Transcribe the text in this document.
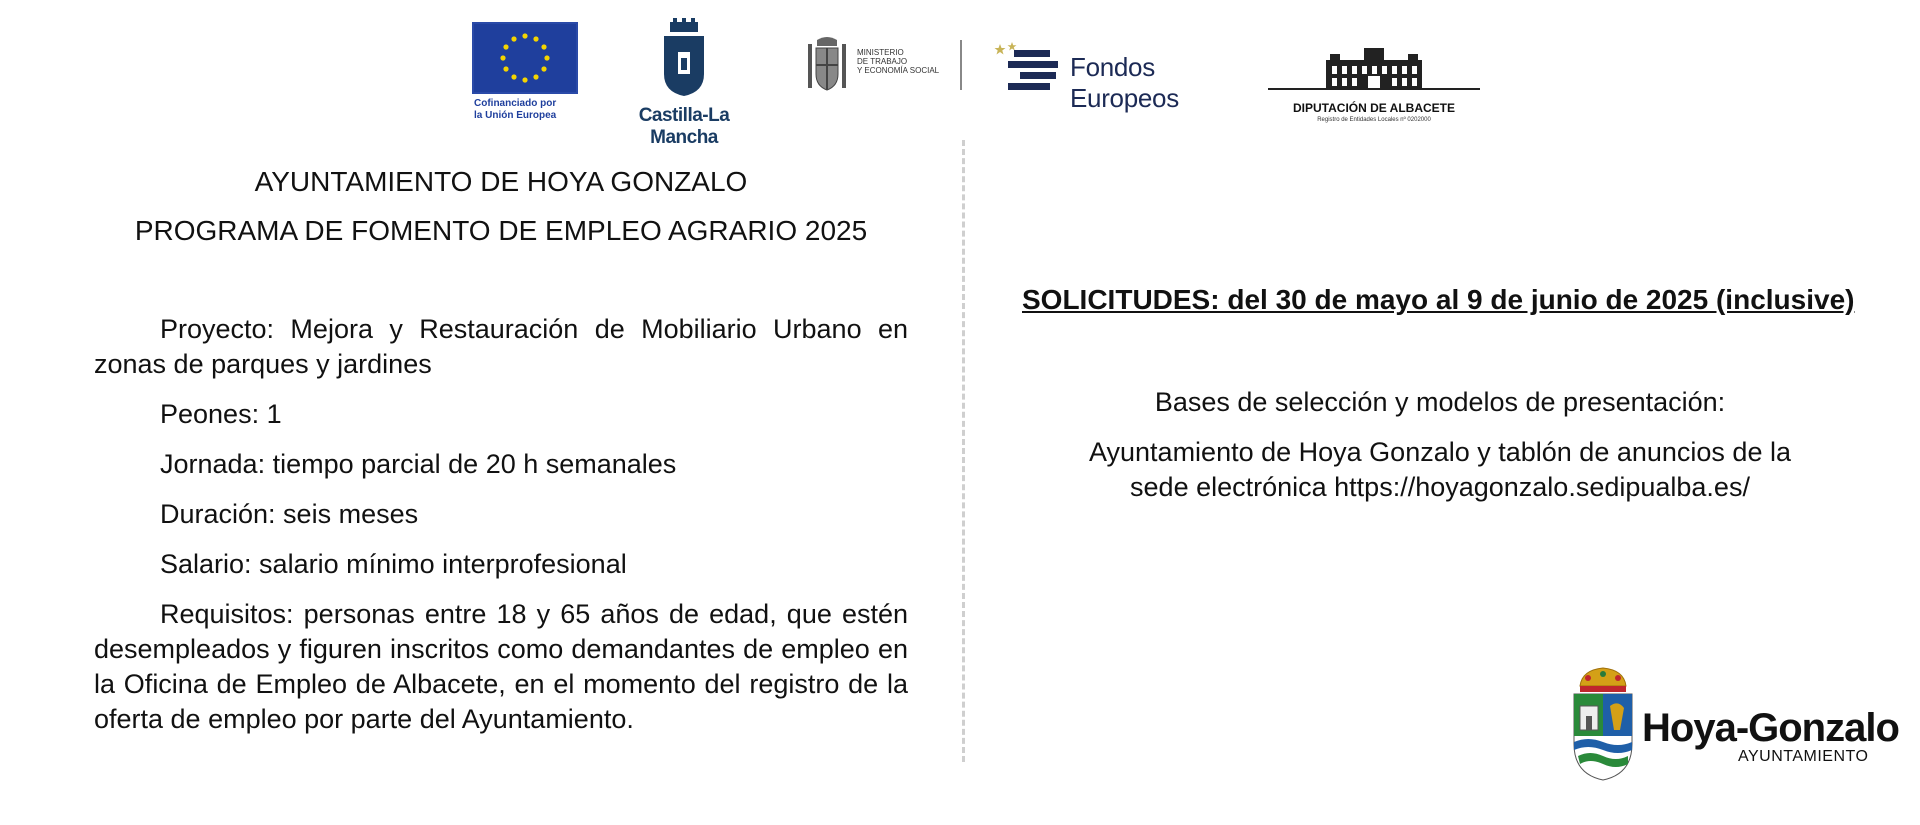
Cofinanciado por
la Unión Europea	Castilla-La Mancha
MINISTERIO
DE TRABAJO
Y ECONOMÍA SOCIAL	Fondos Europeos	DIPUTACIÓN DE ALBACETE
Registro de Entidades Locales nº 0202000

AYUNTAMIENTO DE HOYA GONZALO

PROGRAMA DE FOMENTO DE EMPLEO AGRARIO 2025

Proyecto: Mejora y Restauración de Mobiliario Urbano en zonas de parques y jardines

Peones: 1

Jornada: tiempo parcial de 20 h semanales

Duración: seis meses

Salario: salario mínimo interprofesional

Requisitos: personas entre 18 y 65 años de edad, que estén desempleados y figuren inscritos como demandantes de empleo en la Oficina de Empleo de Albacete, en el momento del registro de la oferta de empleo por parte del Ayuntamiento.

SOLICITUDES: del 30 de mayo al 9 de junio de 2025 (inclusive)

Bases de selección y modelos de presentación:

Ayuntamiento de Hoya Gonzalo y tablón de anuncios de la
sede electrónica https://hoyagonzalo.sedipualba.es/

Hoya-Gonzalo
AYUNTAMIENTO
